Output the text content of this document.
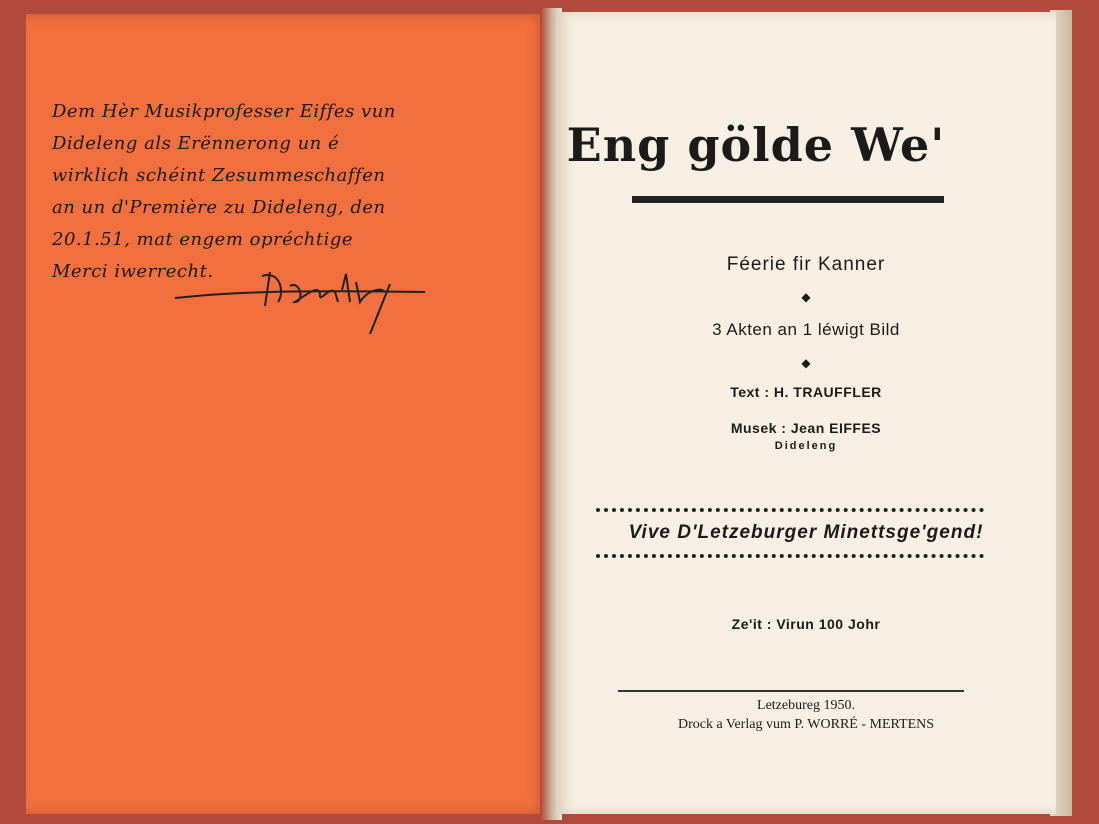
Dem Hèr Musikprofesser Eiffes vun
Dideleng als Erënnerong un é
wirklich schéint Zesummeschaffen
an un d'Première zu Dideleng, den
20.1.51, mat engem opréchtige
Merci iwerrecht.
Eng gölde We'
Féerie fir Kanner
◆
3 Akten an 1 léwigt Bild
◆
Text : H. TRAUFFLER
Musek : Jean EIFFES
Dideleng
Vive D'Letzeburger Minettsge'gend!
Ze'it : Virun 100 Johr
Letzebureg 1950.
Drock a Verlag vum P. WORRÉ - MERTENS
